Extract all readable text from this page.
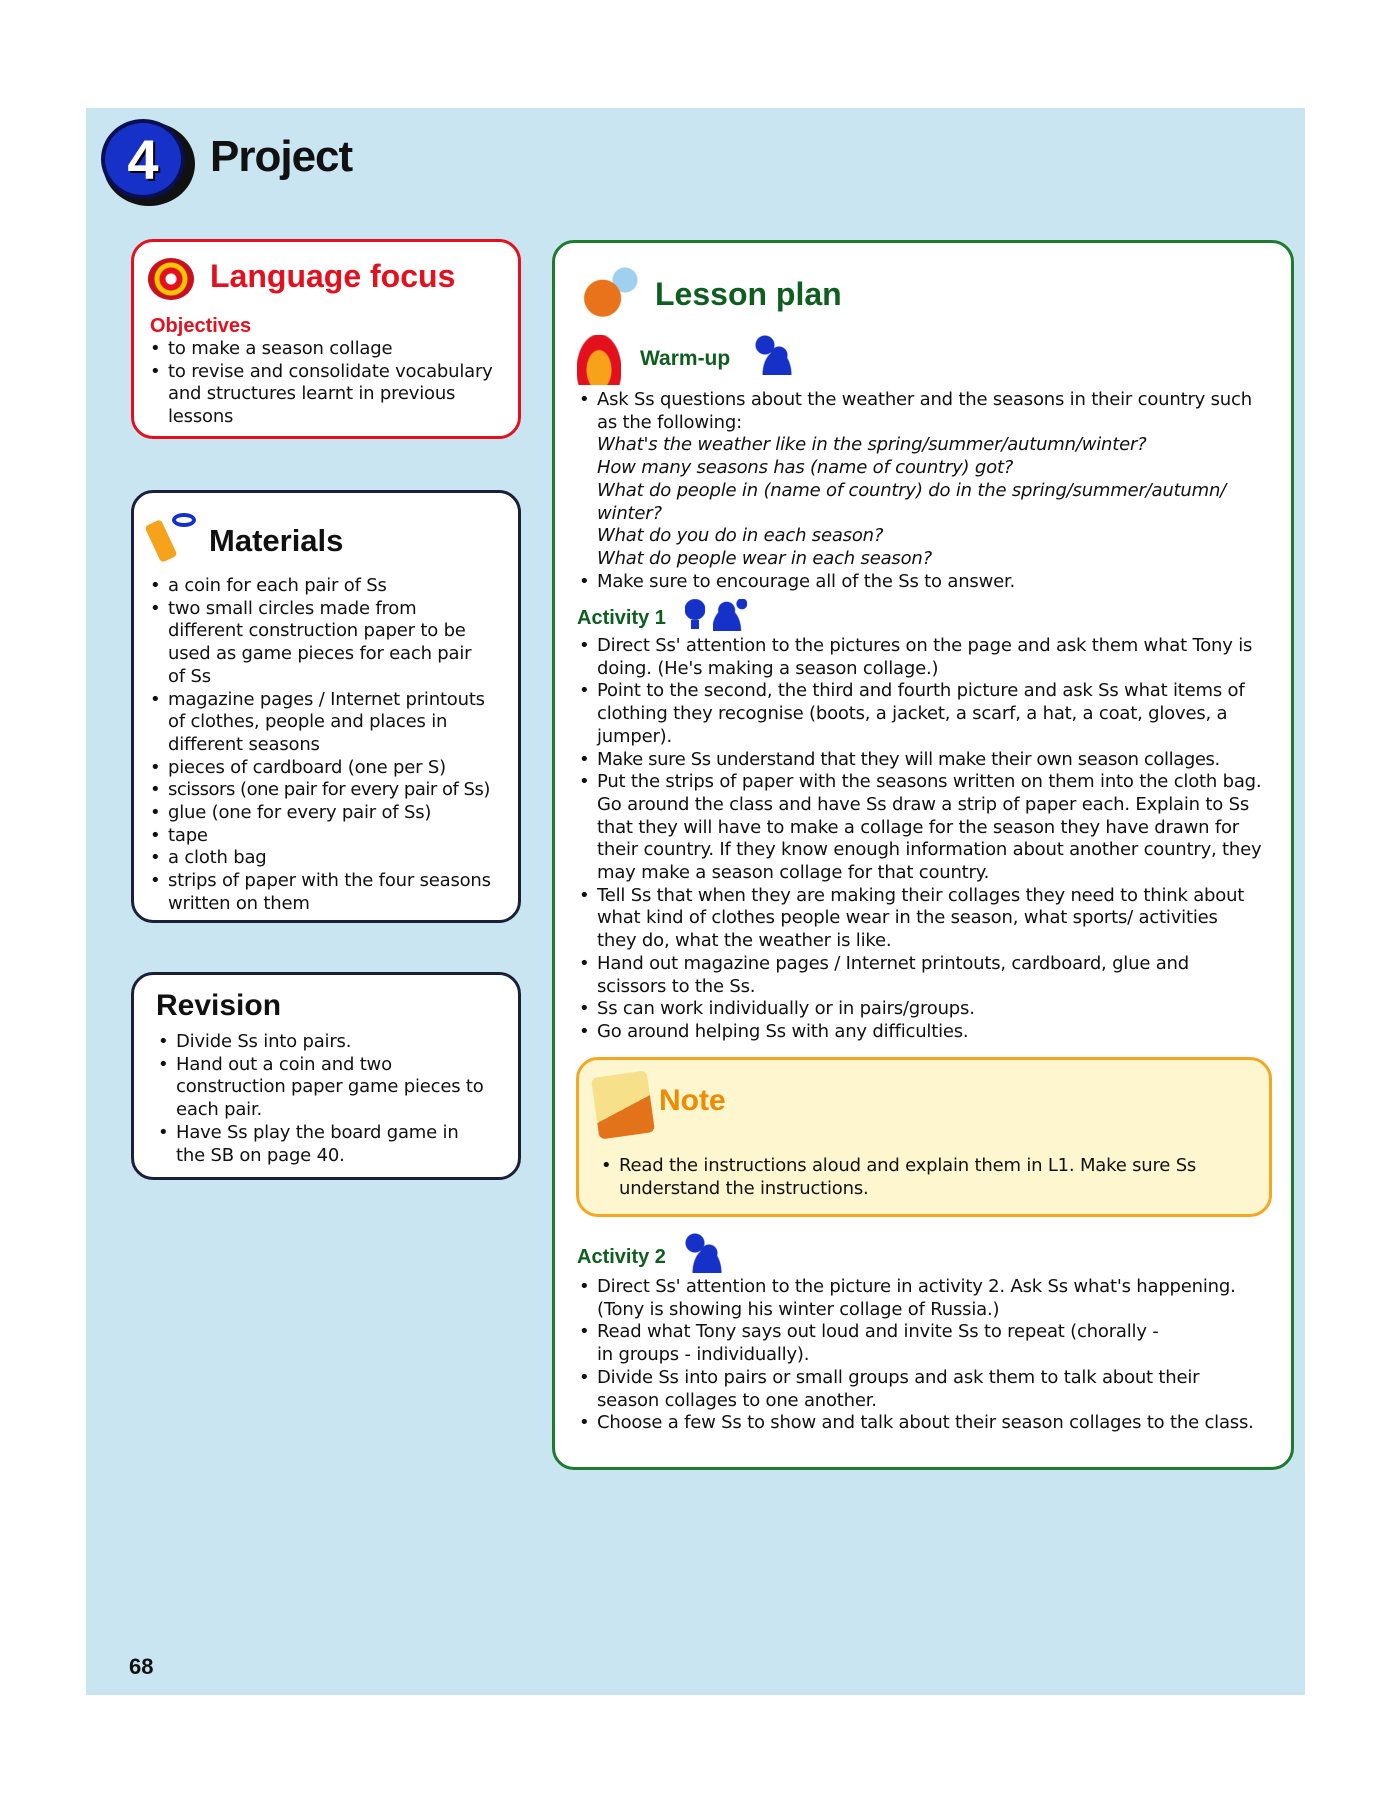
4 Project
Language focus
Objectives
• to make a season collage
• to revise and consolidate vocabulary and structures learnt in previous lessons
Materials
• a coin for each pair of Ss
• two small circles made from different construction paper to be used as game pieces for each pair of Ss
• magazine pages / Internet printouts of clothes, people and places in different seasons
• pieces of cardboard (one per S)
• scissors (one pair for every pair of Ss)
• glue (one for every pair of Ss)
• tape
• a cloth bag
• strips of paper with the four seasons written on them
Revision
• Divide Ss into pairs.
• Hand out a coin and two construction paper game pieces to each pair.
• Have Ss play the board game in the SB on page 40.
Lesson plan
Warm-up
• Ask Ss questions about the weather and the seasons in their country such as the following:
What's the weather like in the spring/summer/autumn/winter?
How many seasons has (name of country) got?
What do people in (name of country) do in the spring/summer/autumn/ winter?
What do you do in each season?
What do people wear in each season?
• Make sure to encourage all of the Ss to answer.
Activity 1
• Direct Ss' attention to the pictures on the page and ask them what Tony is doing. (He's making a season collage.)
• Point to the second, the third and fourth picture and ask Ss what items of clothing they recognise (boots, a jacket, a scarf, a hat, a coat, gloves, a jumper).
• Make sure Ss understand that they will make their own season collages.
• Put the strips of paper with the seasons written on them into the cloth bag. Go around the class and have Ss draw a strip of paper each. Explain to Ss that they will have to make a collage for the season they have drawn for their country. If they know enough information about another country, they may make a season collage for that country.
• Tell Ss that when they are making their collages they need to think about what kind of clothes people wear in the season, what sports/ activities they do, what the weather is like.
• Hand out magazine pages / Internet printouts, cardboard, glue and scissors to the Ss.
• Ss can work individually or in pairs/groups.
• Go around helping Ss with any difficulties.
Note
• Read the instructions aloud and explain them in L1. Make sure Ss understand the instructions.
Activity 2
• Direct Ss' attention to the picture in activity 2. Ask Ss what's happening. (Tony is showing his winter collage of Russia.)
• Read what Tony says out loud and invite Ss to repeat (chorally - in groups - individually).
• Divide Ss into pairs or small groups and ask them to talk about their season collages to one another.
• Choose a few Ss to show and talk about their season collages to the class.
68
